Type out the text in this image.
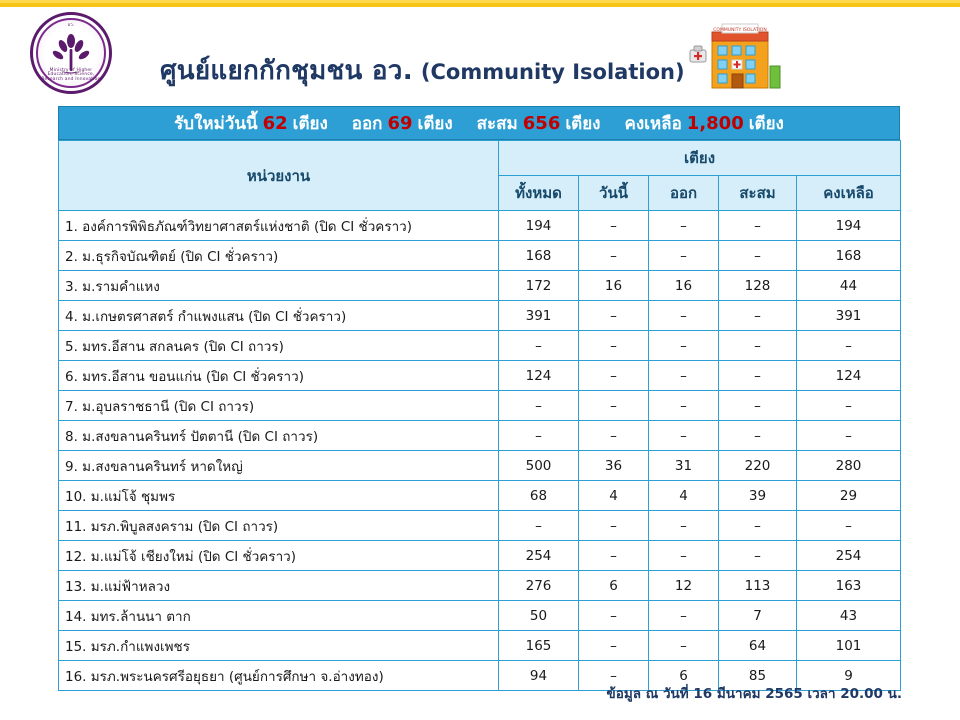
อว.
Ministry of Higher Education, Science, Research and Innovation ศูนย์แยกกักชุมชน อว. (Community Isolation)
COMMUNITY ISOLATION
รับใหม่วันนี้ 62 เตียง ออก 69 เตียง สะสม 656 เตียง คงเหลือ 1,800 เตียง
หน่วยงาน	เตียง				
	ทั้งหมด	วันนี้	ออก	สะสม	คงเหลือ
1. องค์การพิพิธภัณฑ์วิทยาศาสตร์แห่งชาติ (ปิด CI ชั่วคราว)	194	–	–	–	194
2. ม.ธุรกิจบัณฑิตย์ (ปิด CI ชั่วคราว)	168	–	–	–	168
3. ม.รามคำแหง	172	16	16	128	44
4. ม.เกษตรศาสตร์ กำแพงแสน (ปิด CI ชั่วคราว)	391	–	–	–	391
5. มทร.อีสาน สกลนคร (ปิด CI ถาวร)	–	–	–	–	–
6. มทร.อีสาน ขอนแก่น (ปิด CI ชั่วคราว)	124	–	–	–	124
7. ม.อุบลราชธานี (ปิด CI ถาวร)	–	–	–	–	–
8. ม.สงขลานครินทร์ ปัตตานี (ปิด CI ถาวร)	–	–	–	–	–
9. ม.สงขลานครินทร์ หาดใหญ่	500	36	31	220	280
10. ม.แม่โจ้ ชุมพร	68	4	4	39	29
11. มรภ.พิบูลสงคราม (ปิด CI ถาวร)	–	–	–	–	–
12. ม.แม่โจ้ เชียงใหม่ (ปิด CI ชั่วคราว)	254	–	–	–	254
13. ม.แม่ฟ้าหลวง	276	6	12	113	163
14. มทร.ล้านนา ตาก	50	–	–	7	43
15. มรภ.กำแพงเพชร	165	–	–	64	101
16. มรภ.พระนครศรีอยุธยา (ศูนย์การศึกษา จ.อ่างทอง)	94	–	6	85	9
ข้อมูล ณ วันที่ 16 มีนาคม 2565 เวลา 20.00 น.
